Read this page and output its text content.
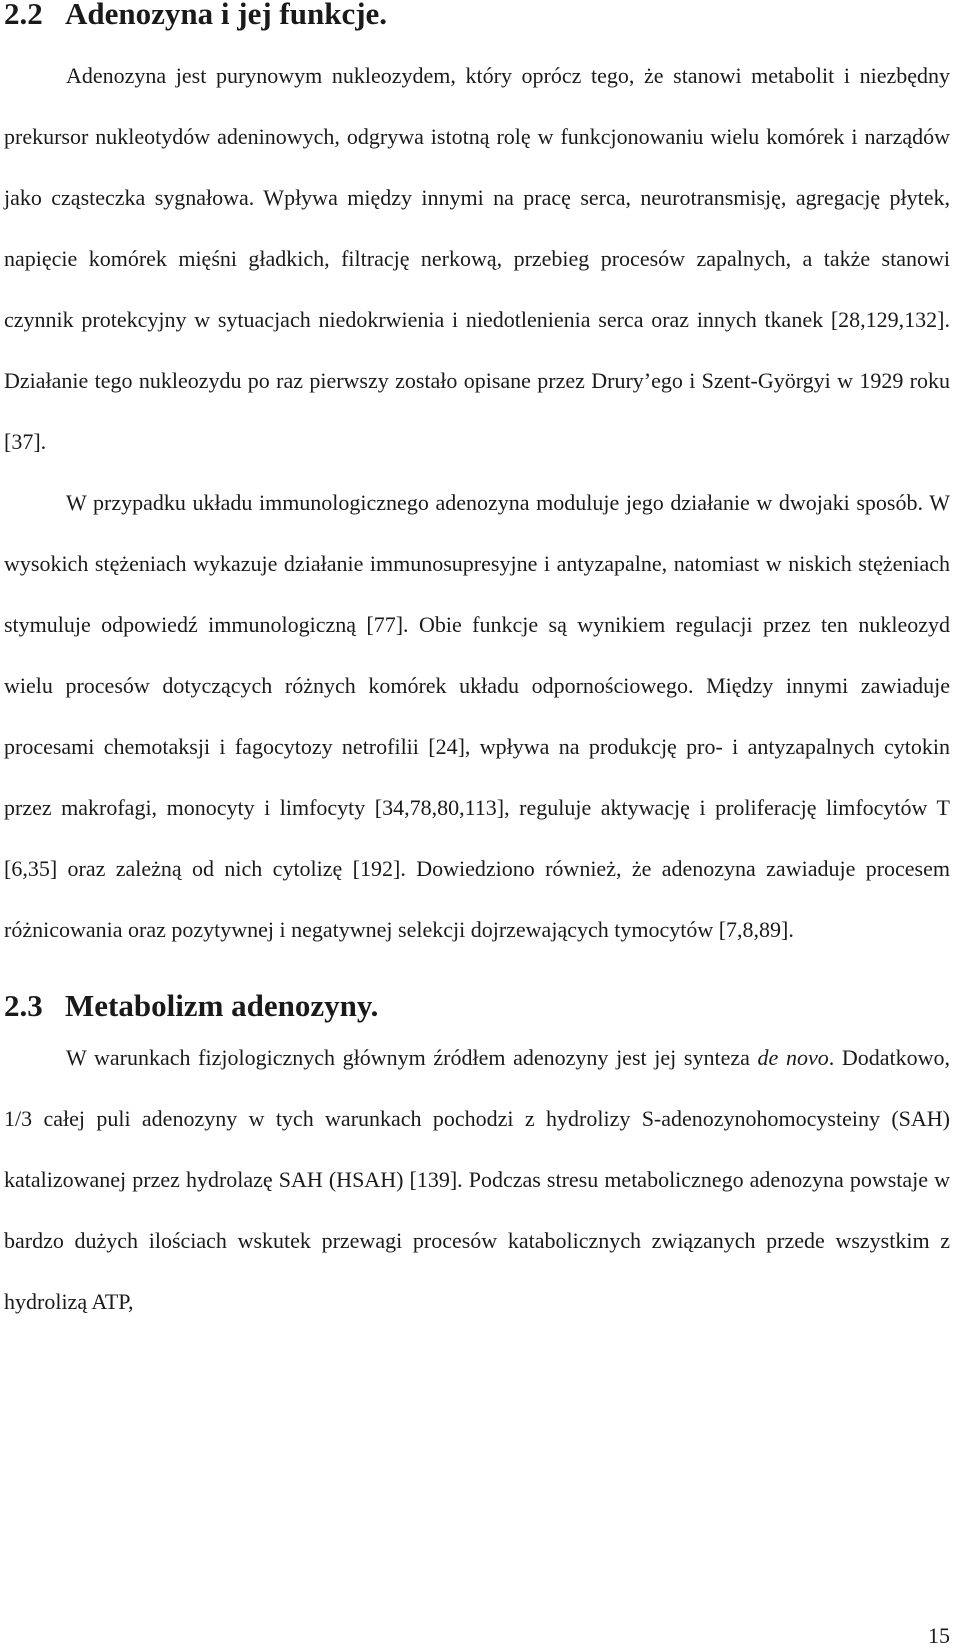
2.2 Adenozyna i jej funkcje.

Adenozyna jest purynowym nukleozydem, który oprócz tego, że stanowi metabolit i niezbędny prekursor nukleotydów adeninowych, odgrywa istotną rolę w funkcjonowaniu wielu komórek i narządów jako cząsteczka sygnałowa. Wpływa między innymi na pracę serca, neurotransmisję, agregację płytek, napięcie komórek mięśni gładkich, filtrację nerkową, przebieg procesów zapalnych, a także stanowi czynnik protekcyjny w sytuacjach niedokrwienia i niedotlenienia serca oraz innych tkanek [28,129,132]. Działanie tego nukleozydu po raz pierwszy zostało opisane przez Drury’ego i Szent-Györgyi w 1929 roku [37].

W przypadku układu immunologicznego adenozyna moduluje jego działanie w dwojaki sposób. W wysokich stężeniach wykazuje działanie immunosupresyjne i antyzapalne, natomiast w niskich stężeniach stymuluje odpowiedź immunologiczną [77]. Obie funkcje są wynikiem regulacji przez ten nukleozyd wielu procesów dotyczących różnych komórek układu odpornościowego. Między innymi zawiaduje procesami chemotaksji i fagocytozy netrofilii [24], wpływa na produkcję pro- i antyzapalnych cytokin przez makrofagi, monocyty i limfocyty [34,78,80,113], reguluje aktywację i proliferację limfocytów T [6,35] oraz zależną od nich cytolizę [192]. Dowiedziono również, że adenozyna zawiaduje procesem różnicowania oraz pozytywnej i negatywnej selekcji dojrzewających tymocytów [7,8,89].

2.3 Metabolizm adenozyny.

W warunkach fizjologicznych głównym źródłem adenozyny jest jej synteza de novo. Dodatkowo, 1/3 całej puli adenozyny w tych warunkach pochodzi z hydrolizy S-adenozynohomocysteiny (SAH) katalizowanej przez hydrolazę SAH (HSAH) [139]. Podczas stresu metabolicznego adenozyna powstaje w bardzo dużych ilościach wskutek przewagi procesów katabolicznych związanych przede wszystkim z hydrolizą ATP,

15
